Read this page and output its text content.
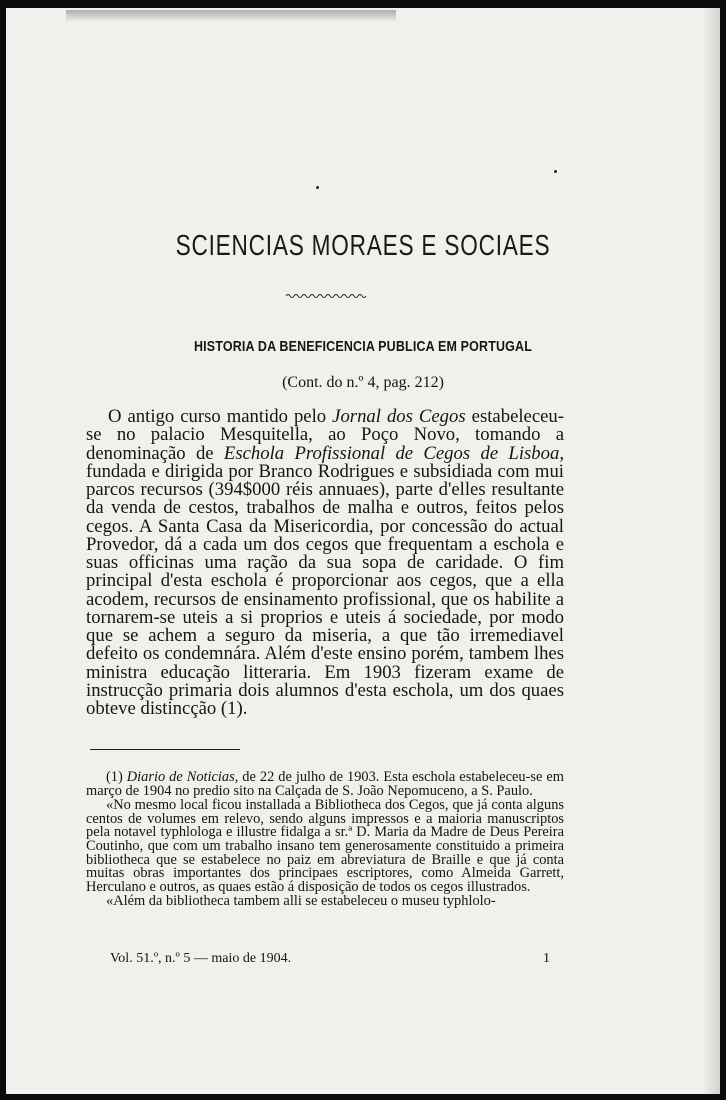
SCIENCIAS MORAES E SOCIAES
HISTORIA DA BENEFICENCIA PUBLICA EM PORTUGAL
(Cont. do n.º 4, pag. 212)

O antigo curso mantido pelo Jornal dos Cegos estabeleceu-se no palacio Mesquitella, ao Poço Novo, tomando a denominação de Eschola Profissional de Cegos de Lisboa, fundada e dirigida por Branco Rodrigues e subsidiada com mui parcos recursos (394$000 réis annuaes), parte d'elles resultante da venda de cestos, trabalhos de malha e outros, feitos pelos cegos. A Santa Casa da Misericordia, por concessão do actual Provedor, dá a cada um dos cegos que frequentam a eschola e suas officinas uma ração da sua sopa de caridade. O fim principal d'esta eschola é proporcionar aos cegos, que a ella acodem, recursos de ensinamento profissional, que os habilite a tornarem-se uteis a si proprios e uteis á sociedade, por modo que se achem a seguro da miseria, a que tão irremediavel defeito os condemnára. Além d'este ensino porém, tambem lhes ministra educação litteraria. Em 1903 fizeram exame de instrucção primaria dois alumnos d'esta eschola, um dos quaes obteve distincção (1).

(1) Diario de Noticias, de 22 de julho de 1903. Esta eschola estabeleceu-se em março de 1904 no predio sito na Calçada de S. João Nepomuceno, a S. Paulo.

«No mesmo local ficou installada a Bibliotheca dos Cegos, que já conta alguns centos de volumes em relevo, sendo alguns impressos e a maioria manuscriptos pela notavel typhlologa e illustre fidalga a sr.ª D. Maria da Madre de Deus Pereira Coutinho, que com um trabalho insano tem generosamente constituido a primeira bibliotheca que se estabelece no paiz em abreviatura de Braille e que já conta muitas obras importantes dos principaes escriptores, como Almeida Garrett, Herculano e outros, as quaes estão á disposição de todos os cegos illustrados.

«Além da bibliotheca tambem alli se estabeleceu o museu typhlolo-

Vol. 51.º, n.º 5 — maio de 1904.	1
